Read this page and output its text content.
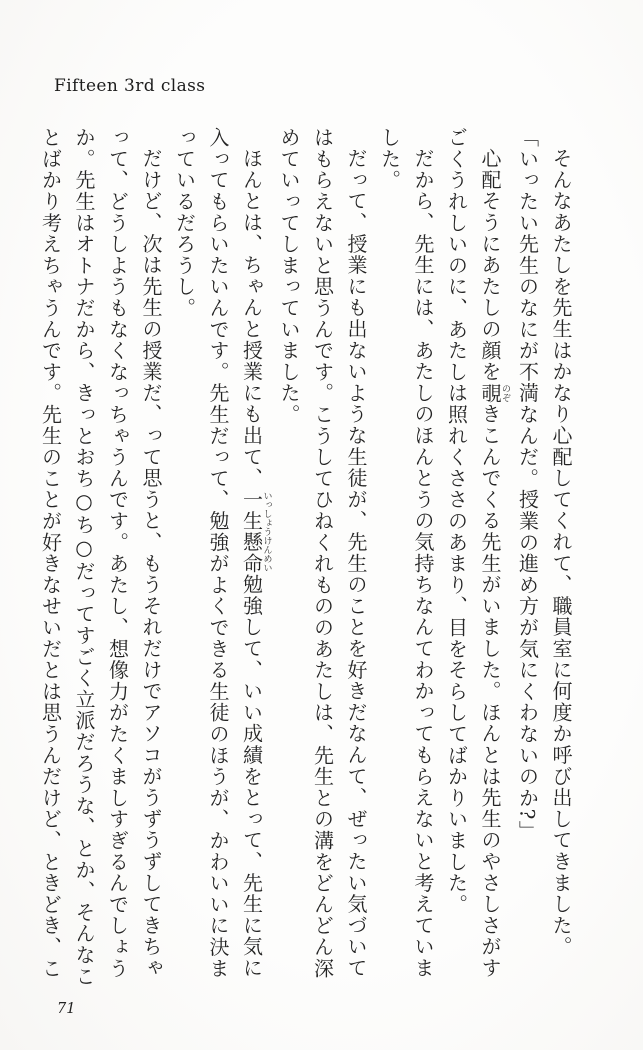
Fifteen 3rd class
そんなあたしを先生はかなり心配してくれて、職員室に何度か呼び出してきました。
「いったい先生のなにが不満なんだ。授業の進め方が気にくわないのか?」
心配そうにあたしの顔を覗のぞきこんでくる先生がいました。ほんとは先生のやさしさがす
ごくうれしいのに、あたしは照れくささのあまり、目をそらしてばかりいました。
だから、先生には、あたしのほんとうの気持ちなんてわかってもらえないと考えていま
した。
だって、授業にも出ないような生徒が、先生のことを好きだなんて、ぜったい気づいて
はもらえないと思うんです。こうしてひねくれもののあたしは、先生との溝をどんどん深
めていってしまっていました。
ほんとは、ちゃんと授業にも出て、一生懸命いっしょうけんめい勉強して、いい成績をとって、先生に気に
入ってもらいたいんです。先生だって、勉強がよくできる生徒のほうが、かわいいに決ま
っているだろうし。
だけど、次は先生の授業だ、って思うと、もうそれだけでアソコがうずうずしてきちゃ
って、どうしようもなくなっちゃうんです。あたし、想像力がたくましすぎるんでしょう
か。先生はオトナだから、きっとおち○ち○だってすごく立派だろうな、とか、そんなこ
とばかり考えちゃうんです。先生のことが好きなせいだとは思うんだけど、ときどき、こ
71
